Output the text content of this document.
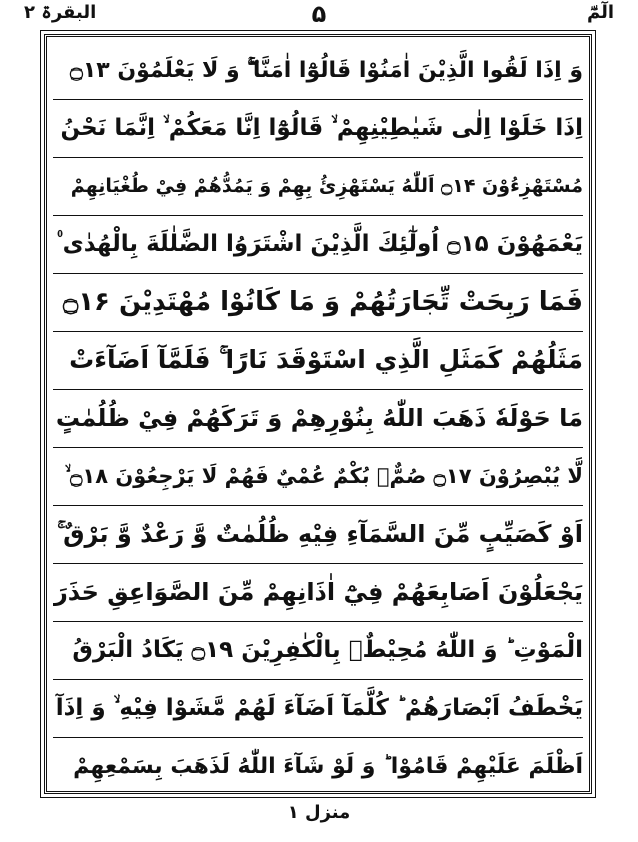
الٓمّٓ
۵
البقرۃ ۲
وَ اِذَا لَقُوا الَّذِيْنَ اٰمَنُوْا قَالُوْٓا اٰمَنَّا ۖۚ وَ لَا يَعْلَمُوْنَ ۝۱۳
اِذَا خَلَوْا اِلٰى شَيٰطِيْنِهِمْ ۙ قَالُوْٓا اِنَّا مَعَكُمْ ۙ اِنَّمَا نَحْنُ
مُسْتَهْزِءُوْنَ ۝۱۴ اَللّٰهُ يَسْتَهْزِئُ بِهِمْ وَ يَمُدُّهُمْ فِيْ طُغْيَانِهِمْ
يَعْمَهُوْنَ ۝۱۵ اُولٰٓئِكَ الَّذِيْنَ اشْتَرَوُا الضَّلٰلَةَ بِالْهُدٰى ۠
فَمَا رَبِحَتْ تِّجَارَتُهُمْ وَ مَا كَانُوْا مُهْتَدِيْنَ ۝۱۶
مَثَلُهُمْ كَمَثَلِ الَّذِي اسْتَوْقَدَ نَارًا ۚ فَلَمَّآ اَضَآءَتْ
مَا حَوْلَهٗ ذَهَبَ اللّٰهُ بِنُوْرِهِمْ وَ تَرَكَهُمْ فِيْ ظُلُمٰتٍ
لَّا يُبْصِرُوْنَ ۝۱۷ صُمٌّۢ بُكْمٌ عُمْيٌ فَهُمْ لَا يَرْجِعُوْنَ ۝۱۸ ۙ
اَوْ كَصَيِّبٍ مِّنَ السَّمَآءِ فِيْهِ ظُلُمٰتٌ وَّ رَعْدٌ وَّ بَرْقٌ ۚ
يَجْعَلُوْنَ اَصَابِعَهُمْ فِيْٓ اٰذَانِهِمْ مِّنَ الصَّوَاعِقِ حَذَرَ
الْمَوْتِ ؕ وَ اللّٰهُ مُحِيْطٌۢ بِالْكٰفِرِيْنَ ۝۱۹ يَكَادُ الْبَرْقُ
يَخْطَفُ اَبْصَارَهُمْ ؕ كُلَّمَآ اَضَآءَ لَهُمْ مَّشَوْا فِيْهِ ۙ وَ اِذَآ
اَظْلَمَ عَلَيْهِمْ قَامُوْا ؕ وَ لَوْ شَآءَ اللّٰهُ لَذَهَبَ بِسَمْعِهِمْ
منزل ۱
